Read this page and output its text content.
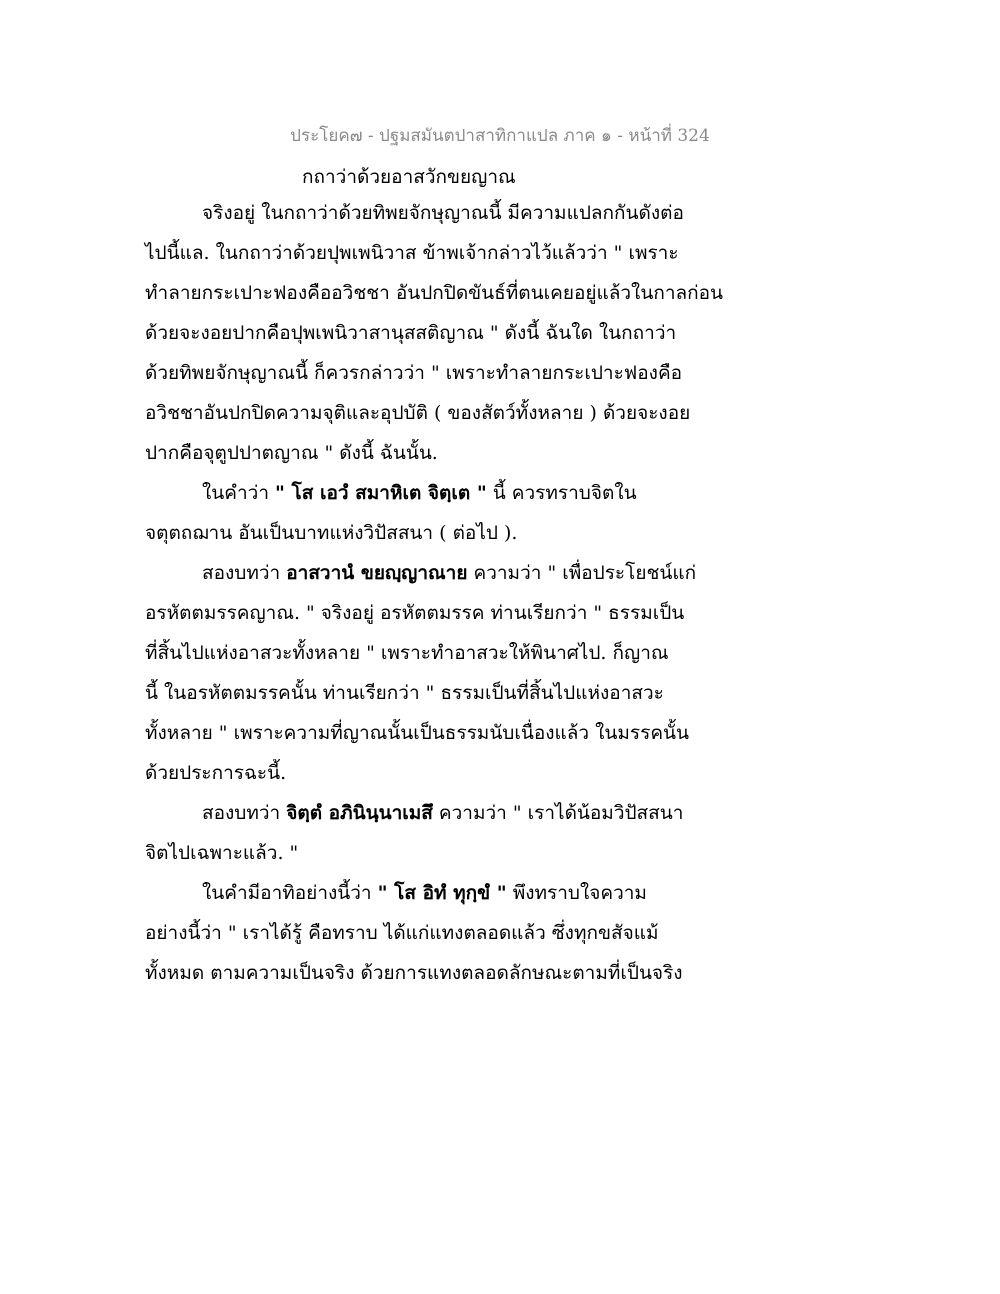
ประโยค๗ - ปฐมสมันตปาสาทิกาแปล ภาค ๑ - หน้าที่ 324
กถาว่าด้วยอาสวักขยญาณ
จริงอยู่ ในกถาว่าด้วยทิพยจักษุญาณนี้ มีความแปลกกันดังต่อ
ไปนี้แล. ในกถาว่าด้วยปุพเพนิวาส ข้าพเจ้ากล่าวไว้แล้วว่า " เพราะ
ทำลายกระเปาะฟองคืออวิชชา อันปกปิดขันธ์ที่ตนเคยอยู่แล้วในกาลก่อน
ด้วยจะงอยปากคือปุพเพนิวาสานุสสติญาณ " ดังนี้ ฉันใด ในกถาว่า
ด้วยทิพยจักษุญาณนี้ ก็ควรกล่าวว่า " เพราะทำลายกระเปาะฟองคือ
อวิชชาอันปกปิดความจุติและอุปบัติ ( ของสัตว์ทั้งหลาย ) ด้วยจะงอย
ปากคือจุตูปปาตญาณ " ดังนี้ ฉันนั้น.
ในคำว่า " โส เอวํ สมาหิเต จิตฺเต " นี้ ควรทราบจิตใน
จตุตถฌาน อันเป็นบาทแห่งวิปัสสนา ( ต่อไป ).
สองบทว่า อาสวานํ ขยญฺญาณาย ความว่า " เพื่อประโยชน์แก่
อรหัตตมรรคญาณ. " จริงอยู่ อรหัตตมรรค ท่านเรียกว่า " ธรรมเป็น
ที่สิ้นไปแห่งอาสวะทั้งหลาย " เพราะทำอาสวะให้พินาศไป. ก็ญาณ
นี้ ในอรหัตตมรรคนั้น ท่านเรียกว่า " ธรรมเป็นที่สิ้นไปแห่งอาสวะ
ทั้งหลาย " เพราะความที่ญาณนั้นเป็นธรรมนับเนื่องแล้ว ในมรรคนั้น
ด้วยประการฉะนี้.
สองบทว่า จิตฺตํ อภินินฺนาเมสึ ความว่า " เราได้น้อมวิปัสสนา
จิตไปเฉพาะแล้ว. "
ในคำมีอาทิอย่างนี้ว่า " โส อิทํ ทุกฺขํ " พึงทราบใจความ
อย่างนี้ว่า " เราได้รู้ คือทราบ ได้แก่แทงตลอดแล้ว ซึ่งทุกขสัจแม้
ทั้งหมด ตามความเป็นจริง ด้วยการแทงตลอดลักษณะตามที่เป็นจริง
